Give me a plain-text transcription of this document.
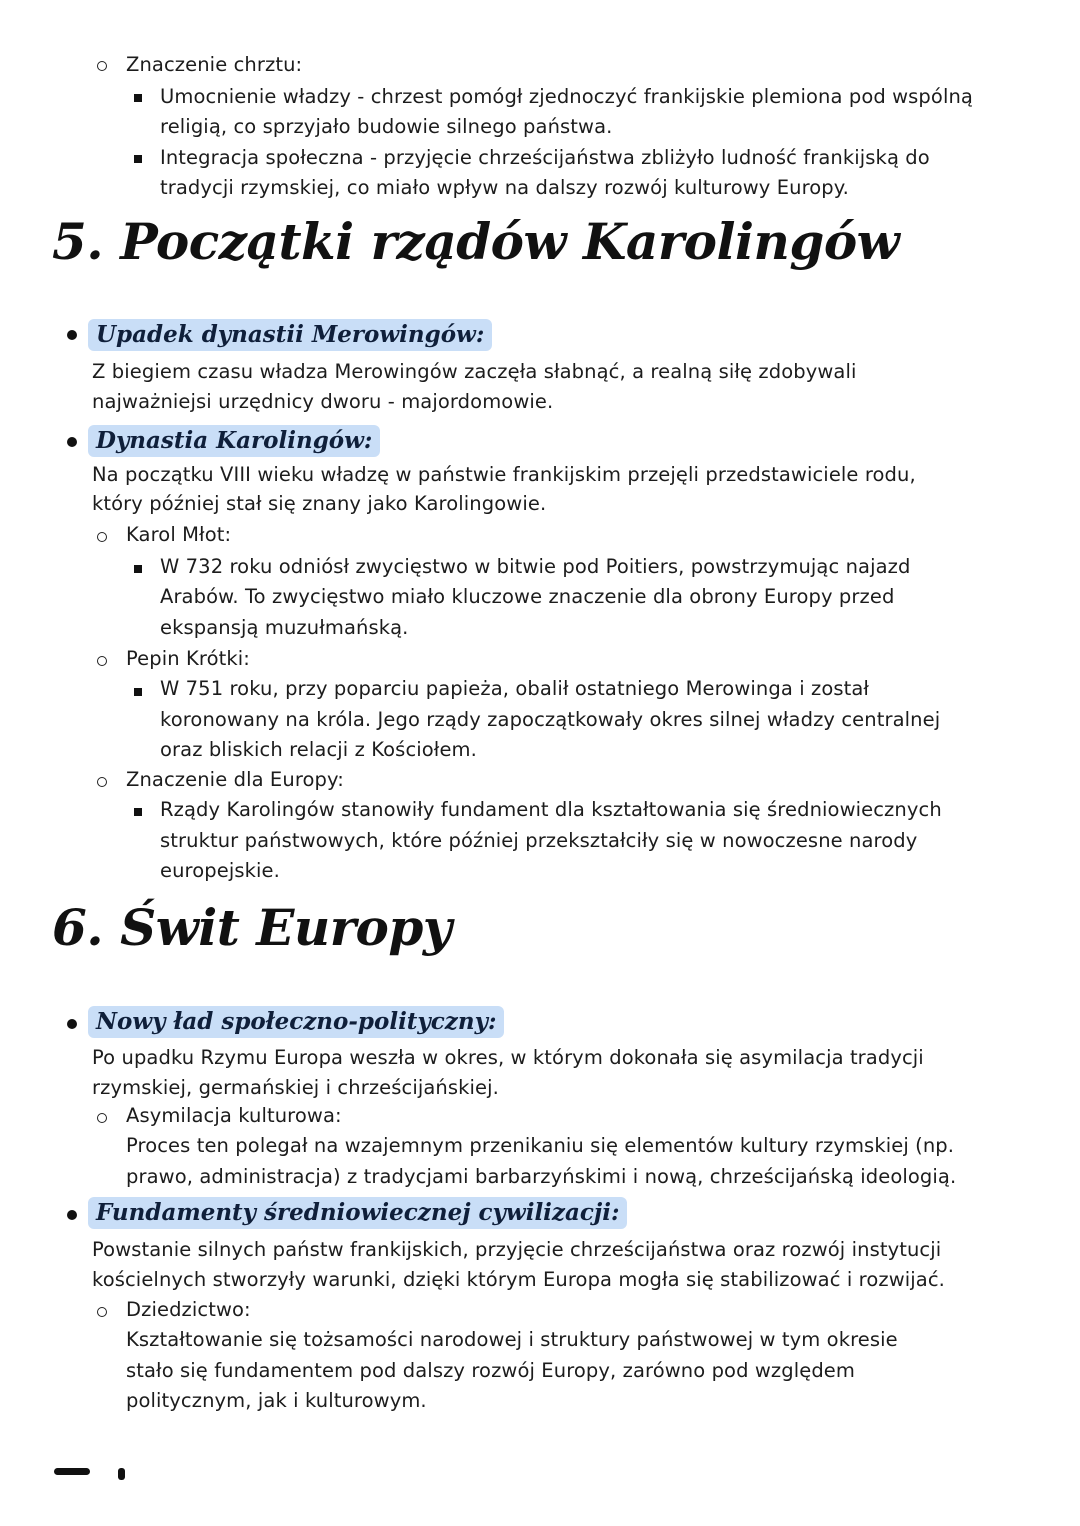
Znaczenie chrztu:
Umocnienie władzy - chrzest pomógł zjednoczyć frankijskie plemiona pod wspólną
religią, co sprzyjało budowie silnego państwa.
Integracja społeczna - przyjęcie chrześcijaństwa zbliżyło ludność frankijską do
tradycji rzymskiej, co miało wpływ na dalszy rozwój kulturowy Europy.
5. Początki rządów Karolingów
Upadek dynastii Merowingów:
Z biegiem czasu władza Merowingów zaczęła słabnąć, a realną siłę zdobywali
najważniejsi urzędnicy dworu - majordomowie.
Dynastia Karolingów:
Na początku VIII wieku władzę w państwie frankijskim przejęli przedstawiciele rodu,
który później stał się znany jako Karolingowie.
Karol Młot:
W 732 roku odniósł zwycięstwo w bitwie pod Poitiers, powstrzymując najazd
Arabów. To zwycięstwo miało kluczowe znaczenie dla obrony Europy przed
ekspansją muzułmańską.
Pepin Krótki:
W 751 roku, przy poparciu papieża, obalił ostatniego Merowinga i został
koronowany na króla. Jego rządy zapoczątkowały okres silnej władzy centralnej
oraz bliskich relacji z Kościołem.
Znaczenie dla Europy:
Rządy Karolingów stanowiły fundament dla kształtowania się średniowiecznych
struktur państwowych, które później przekształciły się w nowoczesne narody
europejskie.
6. Świt Europy
Nowy ład społeczno-polityczny:
Po upadku Rzymu Europa weszła w okres, w którym dokonała się asymilacja tradycji
rzymskiej, germańskiej i chrześcijańskiej.
Asymilacja kulturowa:
Proces ten polegał na wzajemnym przenikaniu się elementów kultury rzymskiej (np.
prawo, administracja) z tradycjami barbarzyńskimi i nową, chrześcijańską ideologią.
Fundamenty średniowiecznej cywilizacji:
Powstanie silnych państw frankijskich, przyjęcie chrześcijaństwa oraz rozwój instytucji
kościelnych stworzyły warunki, dzięki którym Europa mogła się stabilizować i rozwijać.
Dziedzictwo:
Kształtowanie się tożsamości narodowej i struktury państwowej w tym okresie
stało się fundamentem pod dalszy rozwój Europy, zarówno pod względem
politycznym, jak i kulturowym.
